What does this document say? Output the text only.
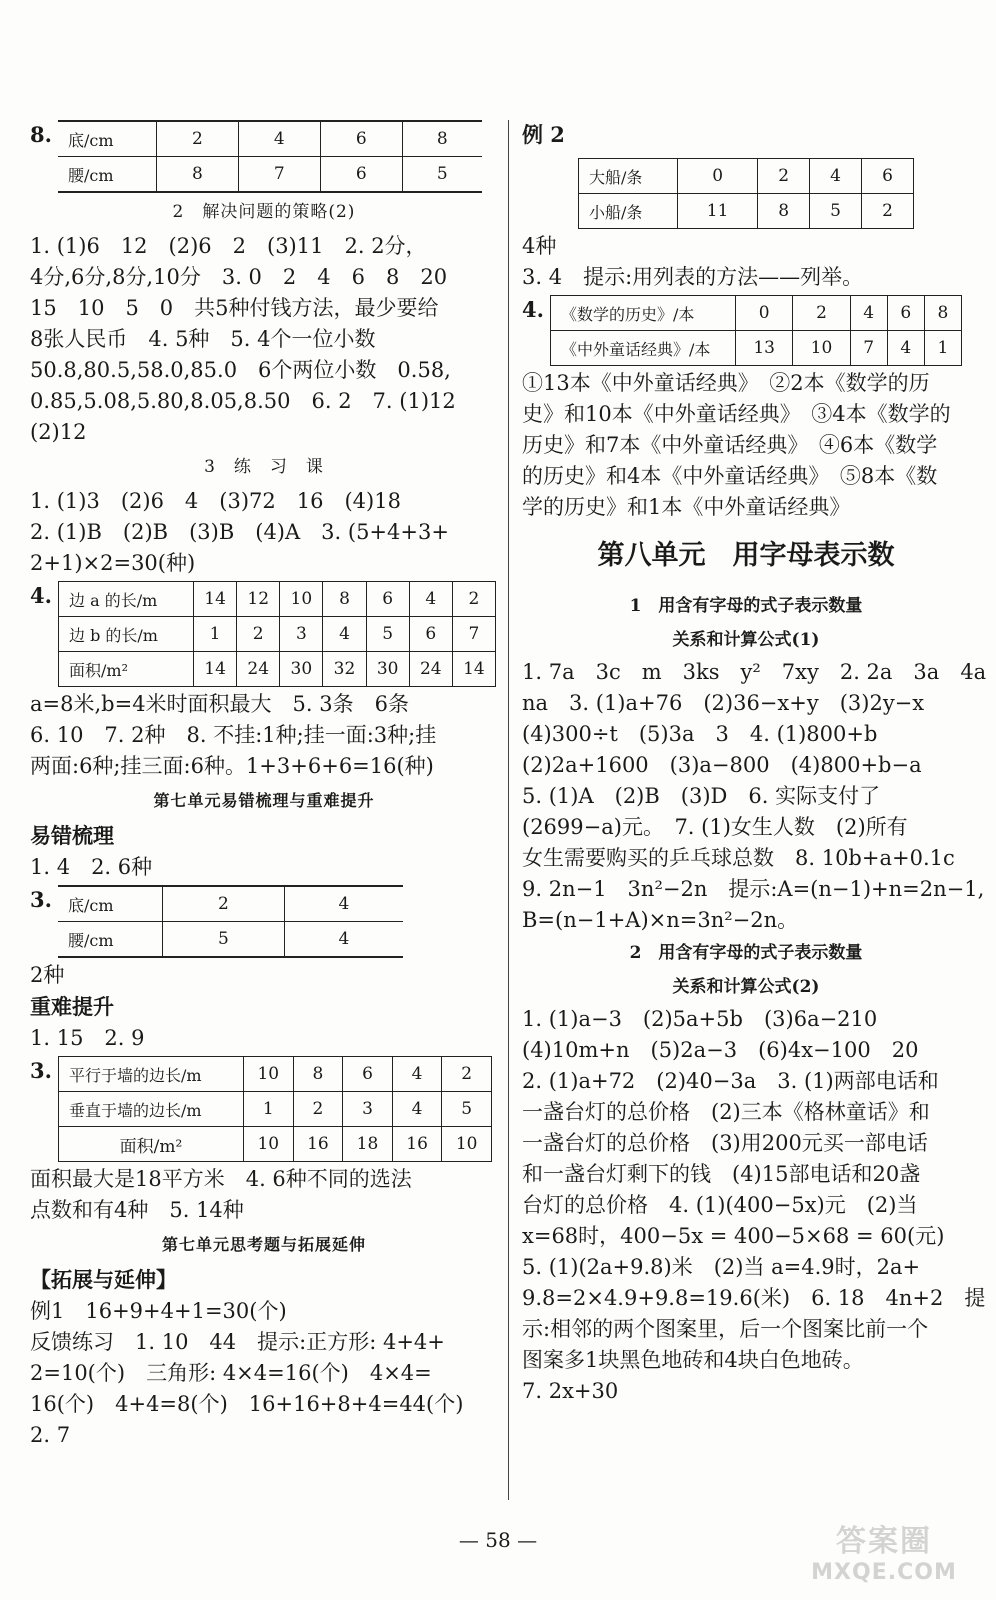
8.	底/cm	2	4	6	8
腰/cm	8	7	6	5
2　解决问题的策略(2)

1. (1)6　12　(2)6　2　(3)11　2. 2分，

4分,6分,8分,10分　3. 0　2　4　6　8　20

15　10　5　0　共5种付钱方法，最少要给

8张人民币　4. 5种　5. 4个一位小数

50.8,80.5,58.0,85.0　6个两位小数　0.58,

0.85,5.08,5.80,8.05,8.50　6. 2　7. (1)12

(2)12

3　练　习　课

1. (1)3　(2)6　4　(3)72　16　(4)18

2. (1)B　(2)B　(3)B　(4)A　3. (5+4+3+

2+1)×2=30(种)

4.	边 a 的长/m	14	12	10	8	6	4	2
边 b 的长/m	1	2	3	4	5	6	7
面积/m²	14	24	30	32	30	24	14

a=8米,b=4米时面积最大　5. 3条　6条

6. 10　7. 2种　8. 不挂:1种;挂一面:3种;挂

两面:6种;挂三面:6种。1+3+6+6=16(种)

第七单元易错梳理与重难提升

易错梳理

1. 4　2. 6种

3.	底/cm	2	4
腰/cm	5	4

2种

重难提升

1. 15　2. 9

3.	平行于墙的边长/m	10	8	6	4	2
垂直于墙的边长/m	1	2	3	4	5
面积/m²	10	16	18	16	10

面积最大是18平方米　4. 6种不同的选法

点数和有4种　5. 14种

第七单元思考题与拓展延伸

【拓展与延伸】

例1　16+9+4+1=30(个)

反馈练习　1. 10　44　提示:正方形: 4+4+

2=10(个)　三角形: 4×4=16(个)　4×4=

16(个)　4+4=8(个)　16+16+8+4=44(个)

2. 7

例 2
大船/条	0	2	4	6
小船/条	11	8	5	2

4种

3. 4　提示:用列表的方法——列举。

4.	《数学的历史》/本	0	2	4	6	8
《中外童话经典》/本	13	10	7	4	1

①13本《中外童话经典》　②2本《数学的历

史》和10本《中外童话经典》　③4本《数学的

历史》和7本《中外童话经典》　④6本《数学

的历史》和4本《中外童话经典》　⑤8本《数

学的历史》和1本《中外童话经典》

第八单元　用字母表示数
1　用含有字母的式子表示数量
关系和计算公式(1)

1. 7a　3c　m　3ks　y²　7xy　2. 2a　3a　4a

na　3. (1)a+76　(2)36−x+y　(3)2y−x

(4)300÷t　(5)3a　3　4. (1)800+b

(2)2a+1600　(3)a−800　(4)800+b−a

5. (1)A　(2)B　(3)D　6. 实际支付了

(2699−a)元。　7. (1)女生人数　(2)所有

女生需要购买的乒乓球总数　8. 10b+a+0.1c

9. 2n−1　3n²−2n　提示:A=(n−1)+n=2n−1,

B=(n−1+A)×n=3n²−2n。

2　用含有字母的式子表示数量
关系和计算公式(2)

1. (1)a−3　(2)5a+5b　(3)6a−210

(4)10m+n　(5)2a−3　(6)4x−100　20

2. (1)a+72　(2)40−3a　3. (1)两部电话和

一盏台灯的总价格　(2)三本《格林童话》和

一盏台灯的总价格　(3)用200元买一部电话

和一盏台灯剩下的钱　(4)15部电话和20盏

台灯的总价格　4. (1)(400−5x)元　(2)当

x=68时，400−5x = 400−5×68 = 60(元)

5. (1)(2a+9.8)米　(2)当 a=4.9时，2a+

9.8=2×4.9+9.8=19.6(米)　6. 18　4n+2　提

示:相邻的两个图案里，后一个图案比前一个

图案多1块黑色地砖和4块白色地砖。

7. 2x+30

— 58 —	答案圈
MXQE.COM
